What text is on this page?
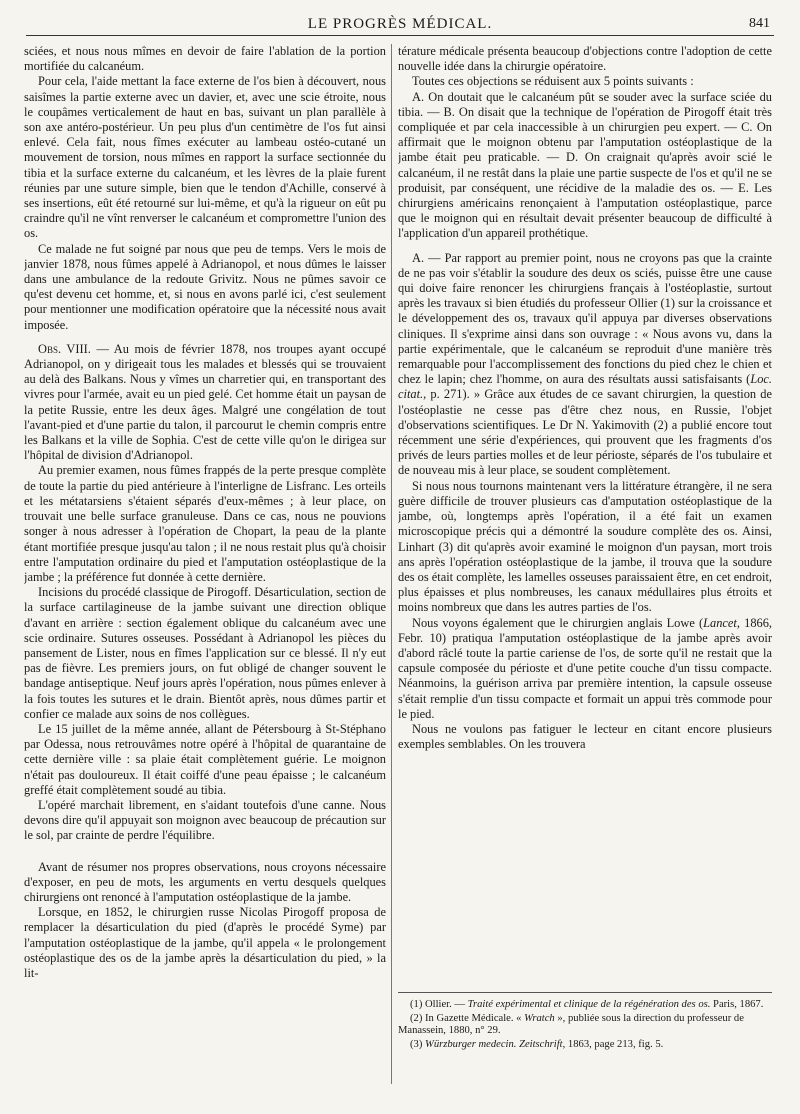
LE PROGRÈS MÉDICAL.	841

sciées, et nous nous mîmes en devoir de faire l'ablation de la portion mortifiée du calcanéum.

Pour cela, l'aide mettant la face externe de l'os bien à découvert, nous saisîmes la partie externe avec un davier, et, avec une scie étroite, nous le coupâmes verticalement de haut en bas, suivant un plan parallèle à son axe antéro-postérieur. Un peu plus d'un centimètre de l'os fut ainsi enlevé. Cela fait, nous fîmes exécuter au lambeau ostéo-cutané un mouvement de torsion, nous mîmes en rapport la surface sectionnée du tibia et la surface externe du calcanéum, et les lèvres de la plaie furent réunies par une suture simple, bien que le tendon d'Achille, conservé à ses insertions, eût été retourné sur lui-même, et qu'à la rigueur on eût pu craindre qu'il ne vînt renverser le calcanéum et compromettre l'union des os.

Ce malade ne fut soigné par nous que peu de temps. Vers le mois de janvier 1878, nous fûmes appelé à Adrianopol, et nous dûmes le laisser dans une ambulance de la redoute Grivitz. Nous ne pûmes savoir ce qu'est devenu cet homme, et, si nous en avons parlé ici, c'est seulement pour mentionner une modification opératoire que la nécessité nous avait imposée.

Obs. VIII. — Au mois de février 1878, nos troupes ayant occupé Adrianopol, on y dirigeait tous les malades et blessés qui se trouvaient au delà des Balkans. Nous y vîmes un charretier qui, en transportant des vivres pour l'armée, avait eu un pied gelé. Cet homme était un paysan de la petite Russie, entre les deux âges. Malgré une congélation de tout l'avant-pied et d'une partie du talon, il parcourut le chemin compris entre les Balkans et la ville de Sophia. C'est de cette ville qu'on le dirigea sur l'hôpital de division d'Adrianopol.

Au premier examen, nous fûmes frappés de la perte presque complète de toute la partie du pied antérieure à l'interligne de Lisfranc. Les orteils et les métatarsiens s'étaient séparés d'eux-mêmes ; à leur place, on trouvait une belle surface granuleuse. Dans ce cas, nous ne pouvions songer à nous adresser à l'opération de Chopart, la peau de la plante étant mortifiée presque jusqu'au talon ; il ne nous restait plus qu'à choisir entre l'amputation ordinaire du pied et l'amputation ostéoplastique de la jambe ; la préférence fut donnée à cette dernière.

Incisions du procédé classique de Pirogoff. Désarticulation, section de la surface cartilagineuse de la jambe suivant une direction oblique d'avant en arrière : section également oblique du calcanéum avec une scie ordinaire. Sutures osseuses. Possédant à Adrianopol les pièces du pansement de Lister, nous en fîmes l'application sur ce blessé. Il n'y eut pas de fièvre. Les premiers jours, on fut obligé de changer souvent le bandage antiseptique. Neuf jours après l'opération, nous pûmes enlever à la fois toutes les sutures et le drain. Bientôt après, nous dûmes partir et confier ce malade aux soins de nos collègues.

Le 15 juillet de la même année, allant de Pétersbourg à St-Stéphano par Odessa, nous retrouvâmes notre opéré à l'hôpital de quarantaine de cette dernière ville : sa plaie était complètement guérie. Le moignon n'était pas douloureux. Il était coiffé d'une peau épaisse ; le calcanéum greffé était complètement soudé au tibia.

L'opéré marchait librement, en s'aidant toutefois d'une canne. Nous devons dire qu'il appuyait son moignon avec beaucoup de précaution sur le sol, par crainte de perdre l'équilibre.

Avant de résumer nos propres observations, nous croyons nécessaire d'exposer, en peu de mots, les arguments en vertu desquels quelques chirurgiens ont renoncé à l'amputation ostéoplastique de la jambe.

Lorsque, en 1852, le chirurgien russe Nicolas Pirogoff proposa de remplacer la désarticulation du pied (d'après le procédé Syme) par l'amputation ostéoplastique de la jambe, qu'il appela « le prolongement ostéoplastique des os de la jambe après la désarticulation du pied, » la lit-

térature médicale présenta beaucoup d'objections contre l'adoption de cette nouvelle idée dans la chirurgie opératoire.

Toutes ces objections se réduisent aux 5 points suivants :

A. On doutait que le calcanéum pût se souder avec la surface sciée du tibia. — B. On disait que la technique de l'opération de Pirogoff était très compliquée et par cela inaccessible à un chirurgien peu expert. — C. On affirmait que le moignon obtenu par l'amputation ostéoplastique de la jambe était peu praticable. — D. On craignait qu'après avoir scié le calcanéum, il ne restât dans la plaie une partie suspecte de l'os et qu'il ne se produisit, par conséquent, une récidive de la maladie des os. — E. Les chirurgiens américains renonçaient à l'amputation ostéoplastique, parce que le moignon qui en résultait devait présenter beaucoup de difficulté à l'application d'un appareil prothétique.

A. — Par rapport au premier point, nous ne croyons pas que la crainte de ne pas voir s'établir la soudure des deux os sciés, puisse être une cause qui doive faire renoncer les chirurgiens français à l'ostéoplastie, surtout après les travaux si bien étudiés du professeur Ollier (1) sur la croissance et le développement des os, travaux qu'il appuya par diverses observations cliniques. Il s'exprime ainsi dans son ouvrage : « Nous avons vu, dans la partie expérimentale, que le calcanéum se reproduit d'une manière très remarquable pour l'accomplissement des fonctions du pied chez le chien et chez le lapin; chez l'homme, on aura des résultats aussi satisfaisants (Loc. citat., p. 271). » Grâce aux études de ce savant chirurgien, la question de l'ostéoplastie ne cesse pas d'être chez nous, en Russie, l'objet d'observations scientifiques. Le Dr N. Yakimovith (2) a publié encore tout récemment une série d'expériences, qui prouvent que les fragments d'os privés de leurs parties molles et de leur périoste, séparés de l'os tubulaire et de nouveau mis à leur place, se soudent complètement.

Si nous nous tournons maintenant vers la littérature étrangère, il ne sera guère difficile de trouver plusieurs cas d'amputation ostéoplastique de la jambe, où, longtemps après l'opération, il a été fait un examen microscopique précis qui a démontré la soudure complète des os. Ainsi, Linhart (3) dit qu'après avoir examiné le moignon d'un paysan, mort trois ans après l'opération ostéoplastique de la jambe, il trouva que la soudure des os était complète, les lamelles osseuses paraissaient être, en cet endroit, plus épaisses et plus nombreuses, les canaux médullaires plus étroits et moins nombreux que dans les autres parties de l'os.

Nous voyons également que le chirurgien anglais Lowe (Lancet, 1866, Febr. 10) pratiqua l'amputation ostéoplastique de la jambe après avoir d'abord râclé toute la partie cariense de l'os, de sorte qu'il ne restait que la capsule composée du périoste et d'une petite couche d'un tissu compacte. Néanmoins, la guérison arriva par première intention, la capsule osseuse s'était remplie d'un tissu compacte et formait un appui très commode pour le pied.

Nous ne voulons pas fatiguer le lecteur en citant encore plusieurs exemples semblables. On les trouvera

(1) Ollier. — Traité expérimental et clinique de la régénération des os. Paris, 1867.

(2) In Gazette Médicale. « Wratch », publiée sous la direction du professeur de Manassein, 1880, n° 29.

(3) Würzburger medecin. Zeitschrift, 1863, page 213, fig. 5.
